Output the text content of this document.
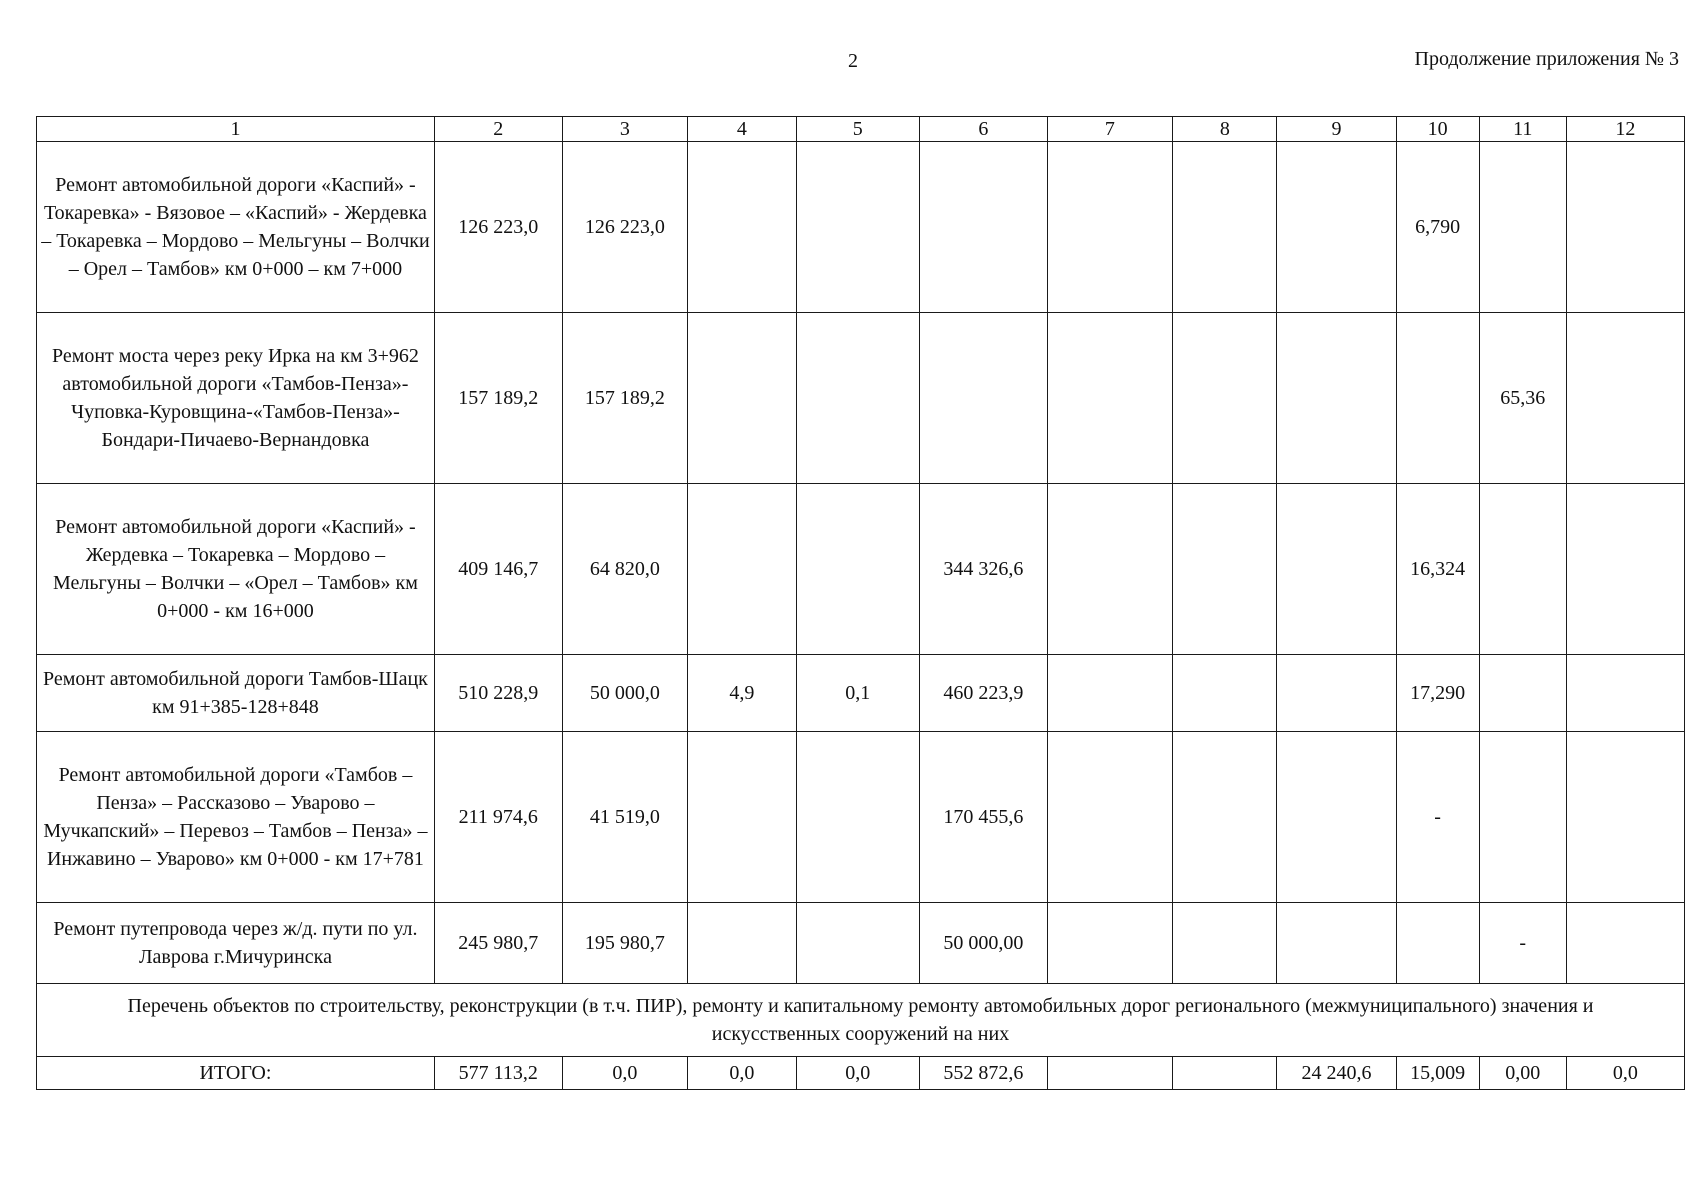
2	Продолжение приложения № 3
1	2	3	4	5	6	7	8	9	10	11	12
Ремонт автомобильной дороги «Каспий» - Токаревка» - Вязовое – «Каспий» - Жердевка – Токаревка – Мордово – Мельгуны – Волчки – Орел – Тамбов» км 0+000 – км 7+000	126 223,0	126 223,0							6,790		
Ремонт моста через реку Ирка на км 3+962 автомобильной дороги «Тамбов-Пенза»-Чуповка-Куровщина-«Тамбов-Пенза»-Бондари-Пичаево-Вернандовка	157 189,2	157 189,2								65,36	
Ремонт автомобильной дороги «Каспий» - Жердевка – Токаревка – Мордово – Мельгуны – Волчки – «Орел – Тамбов» км 0+000 - км 16+000	409 146,7	64 820,0			344 326,6				16,324		
Ремонт автомобильной дороги Тамбов-Шацк км 91+385-128+848	510 228,9	50 000,0	4,9	0,1	460 223,9				17,290		
Ремонт автомобильной дороги «Тамбов – Пенза» – Рассказово – Уварово – Мучкапский» – Перевоз – Тамбов – Пенза» – Инжавино – Уварово» км 0+000 - км 17+781	211 974,6	41 519,0			170 455,6				-		
Ремонт путепровода через ж/д. пути по ул. Лаврова г.Мичуринска	245 980,7	195 980,7			50 000,00					-	
Перечень объектов по строительству, реконструкции (в т.ч. ПИР), ремонту и капитальному ремонту автомобильных дорог регионального (межмуниципального) значения и искусственных сооружений на них											
ИТОГО:	577 113,2	0,0	0,0	0,0	552 872,6			24 240,6	15,009	0,00	0,0
